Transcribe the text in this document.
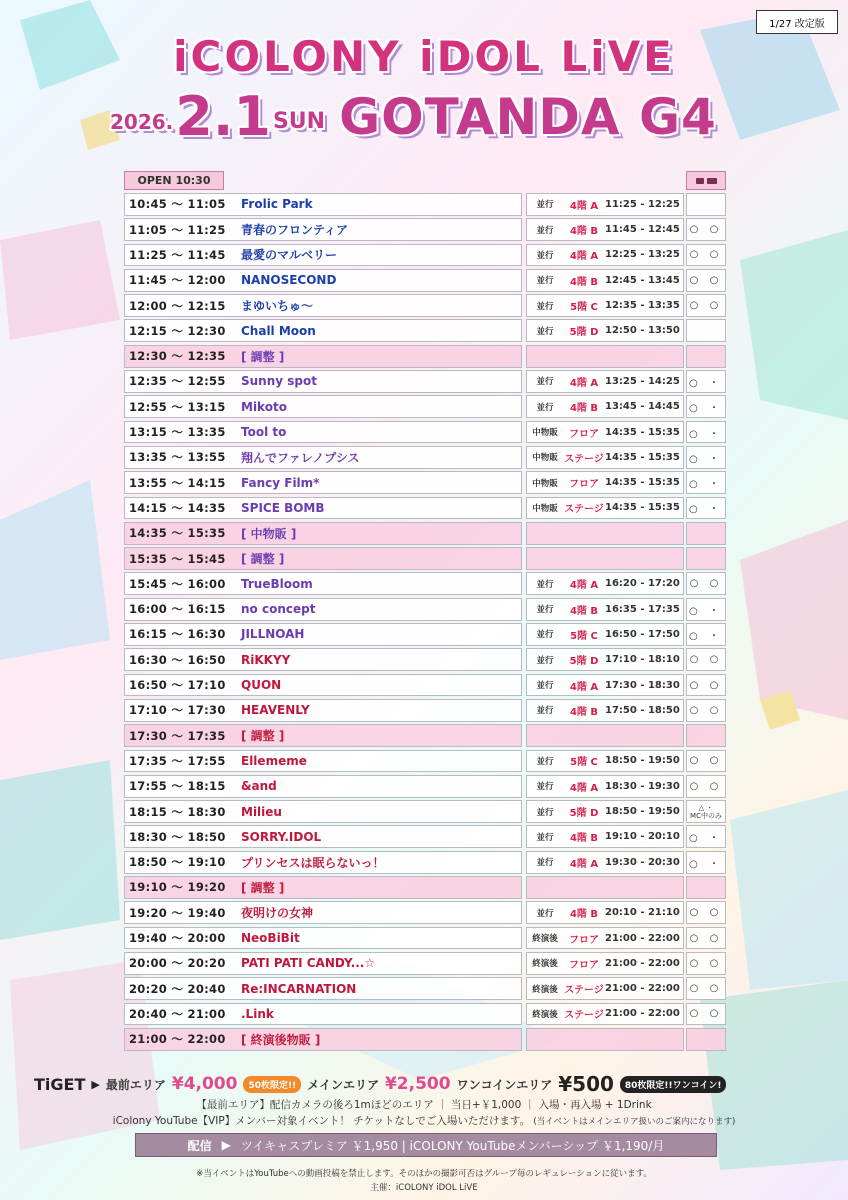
1/27 改定版
iCOLONY iDOL LiVE
2026. 2.1 SUN GOTANDA G4
OPEN 10:30
10:45 〜 11:05	Frolic Park	並行	4階 A 11:25 - 12:25
11:05 〜 11:25	青春のフロンティア	並行	4階 B 11:45 - 12:45 ○ ○
11:25 〜 11:45	最愛のマルベリー	並行	4階 A 12:25 - 13:25 ○ ○
11:45 〜 12:00	NANOSECOND	並行	4階 B 12:45 - 13:45 ○ ○
12:00 〜 12:15	まゆいちゅ〜	並行	5階 C 12:35 - 13:35 ○ ○
12:15 〜 12:30	Chall Moon	並行	5階 D 12:50 - 13:50
12:30 〜 12:35	[ 調整 ]
12:35 〜 12:55	Sunny spot	並行	4階 A 13:25 - 14:25 ○ ・
12:55 〜 13:15	Mikoto	並行	4階 B 13:45 - 14:45 ○ ・
13:15 〜 13:35	Tool to	中物販	フロア 14:35 - 15:35 ○ ・
13:35 〜 13:55	翔んでファレノプシス	中物販 ステージ 14:35 - 15:35 ○ ・
13:55 〜 14:15	Fancy Film*	中物販	フロア 14:35 - 15:35 ○ ・
14:15 〜 14:35	SPICE BOMB	中物販 ステージ 14:35 - 15:35 ○ ・
14:35 〜 15:35	[ 中物販 ]
15:35 〜 15:45	[ 調整 ]
15:45 〜 16:00	TrueBloom	並行	4階 A 16:20 - 17:20 ○ ○
16:00 〜 16:15	no concept	並行	4階 B 16:35 - 17:35 ○ ・
16:15 〜 16:30	JILLNOAH	並行	5階 C 16:50 - 17:50 ○ ・
16:30 〜 16:50	RiKKYY	並行	5階 D 17:10 - 18:10 ○ ○
16:50 〜 17:10	QUON	並行	4階 A 17:30 - 18:30 ○ ○
17:10 〜 17:30	HEAVENLY	並行	4階 B 17:50 - 18:50 ○ ○
17:30 〜 17:35	[ 調整 ]
17:35 〜 17:55	Ellememe	並行	5階 C 18:50 - 19:50 ○ ○
17:55 〜 18:15	&and	並行	4階 A 18:30 - 19:30 ○ ○
18:15 〜 18:30	Milieu	並行	5階 D 18:50 - 19:50	△ ・
MC中のみ
18:30 〜 18:50	SORRY.IDOL	並行	4階 B 19:10 - 20:10 ○ ・
18:50 〜 19:10	プリンセスは眠らないっ！	並行	4階 A 19:30 - 20:30 ○ ・
19:10 〜 19:20	[ 調整 ]
19:20 〜 19:40	夜明けの女神	並行	4階 B 20:10 - 21:10 ○ ○
19:40 〜 20:00	NeoBiBit	終演後	フロア 21:00 - 22:00 ○ ○
20:00 〜 20:20	PATI PATI CANDY...☆	終演後	フロア 21:00 - 22:00 ○ ○
20:20 〜 20:40	Re:INCARNATION	終演後 ステージ 21:00 - 22:00 ○ ○
20:40 〜 21:00	.Link	終演後 ステージ 21:00 - 22:00 ○ ○
21:00 〜 22:00	[ 終演後物販 ]
TiGET ▶ 最前エリア ¥4,000	50枚限定!! メインエリア ¥2,500 ワンコインエリア ¥500	80枚限定!!ワンコイン!
【最前エリア】配信カメラの後ろ1mほどのエリア ｜ 当日+￥1,000 ｜ 入場・再入場 + 1Drink
iColony YouTube【VIP】メンバー対象イベント！ チケットなしでご入場いただけます。 (当イベントはメインエリア扱いのご案内になります)
配信 ▶ ツイキャスプレミア ￥1,950 | iCOLONY YouTubeメンバーシップ ￥1,190/月
※当イベントはYouTubeへの動画投稿を禁止します。そのほかの撮影可否はグループ毎のレギュレーションに従います。
主催：iCOLONY iDOL LiVE
